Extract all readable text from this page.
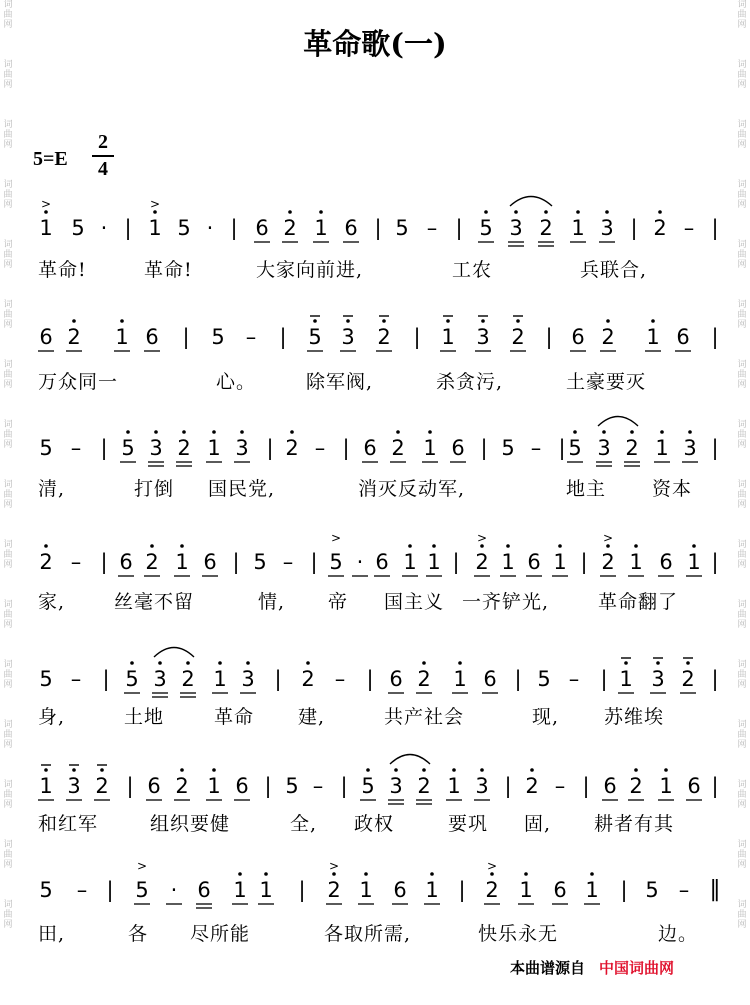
词
曲
网
词
曲
网
词
曲
网
词
曲
网
词
曲
网
词
曲
网
词
曲
网
词
曲
网
词
曲
网
词
曲
网
词
曲
网
词
曲
网
词
曲
网
词
曲
网
词
曲
网
词
曲
网
词
曲
网
词
曲
网
词
曲
网
词
曲
网
词
曲
网
词
曲
网
词
曲
网
词
曲
网
词
曲
网
词
曲
网
词
曲
网
词
曲
网
词
曲
网
词
曲
网
词
曲
网
词
曲
网
革命歌(一)
5=E
2
4
>	>
1 5 · | 1 5 · | 6 2 1 6 | 5 – | 5 3 2 1 3 | 2 – |
6 2 1 6 | 5 – | 5 3 2 | 1 3 2 | 6 2 1 6 |
5 – | 5 3 2 1 3 | 2 – | 6 2 1 6 | 5 – | 5 3 2 1 3 |
>	>	>
2 – | 6 2 1 6 | 5 – | 5 · 6 1 1 | 2 1 6 1 | 2 1 6 1 |
5 – | 5 3 2 1 3 | 2 – | 6 2 1 6 | 5 – | 1 3 2 |
1 3 2 | 6 2 1 6 | 5 – | 5 3 2 1 3 | 2 – | 6 2 1 6 |
>	>	>
5 – | 5 · 6 1 1 | 2 1 6 1 | 2 1 6 1 | 5 – ‖
革命!	革命!	大家向前进,	工农	兵联合,
万众同一	心。	除军阀,	杀贪污,	土豪要灭
清,	打倒 国民党,	消灭反动军,	地主 资本
家,	丝毫不留	情, 帝 国主义 一齐铲光,	革命翻了
身,	土地	革命 建,	共产社会	现, 苏维埃
和红军	组织要健	全, 政权	要巩 固, 耕者有其
田,	各 尽所能	各取所需,	快乐永无	边。
本曲谱源自 中国词曲网
